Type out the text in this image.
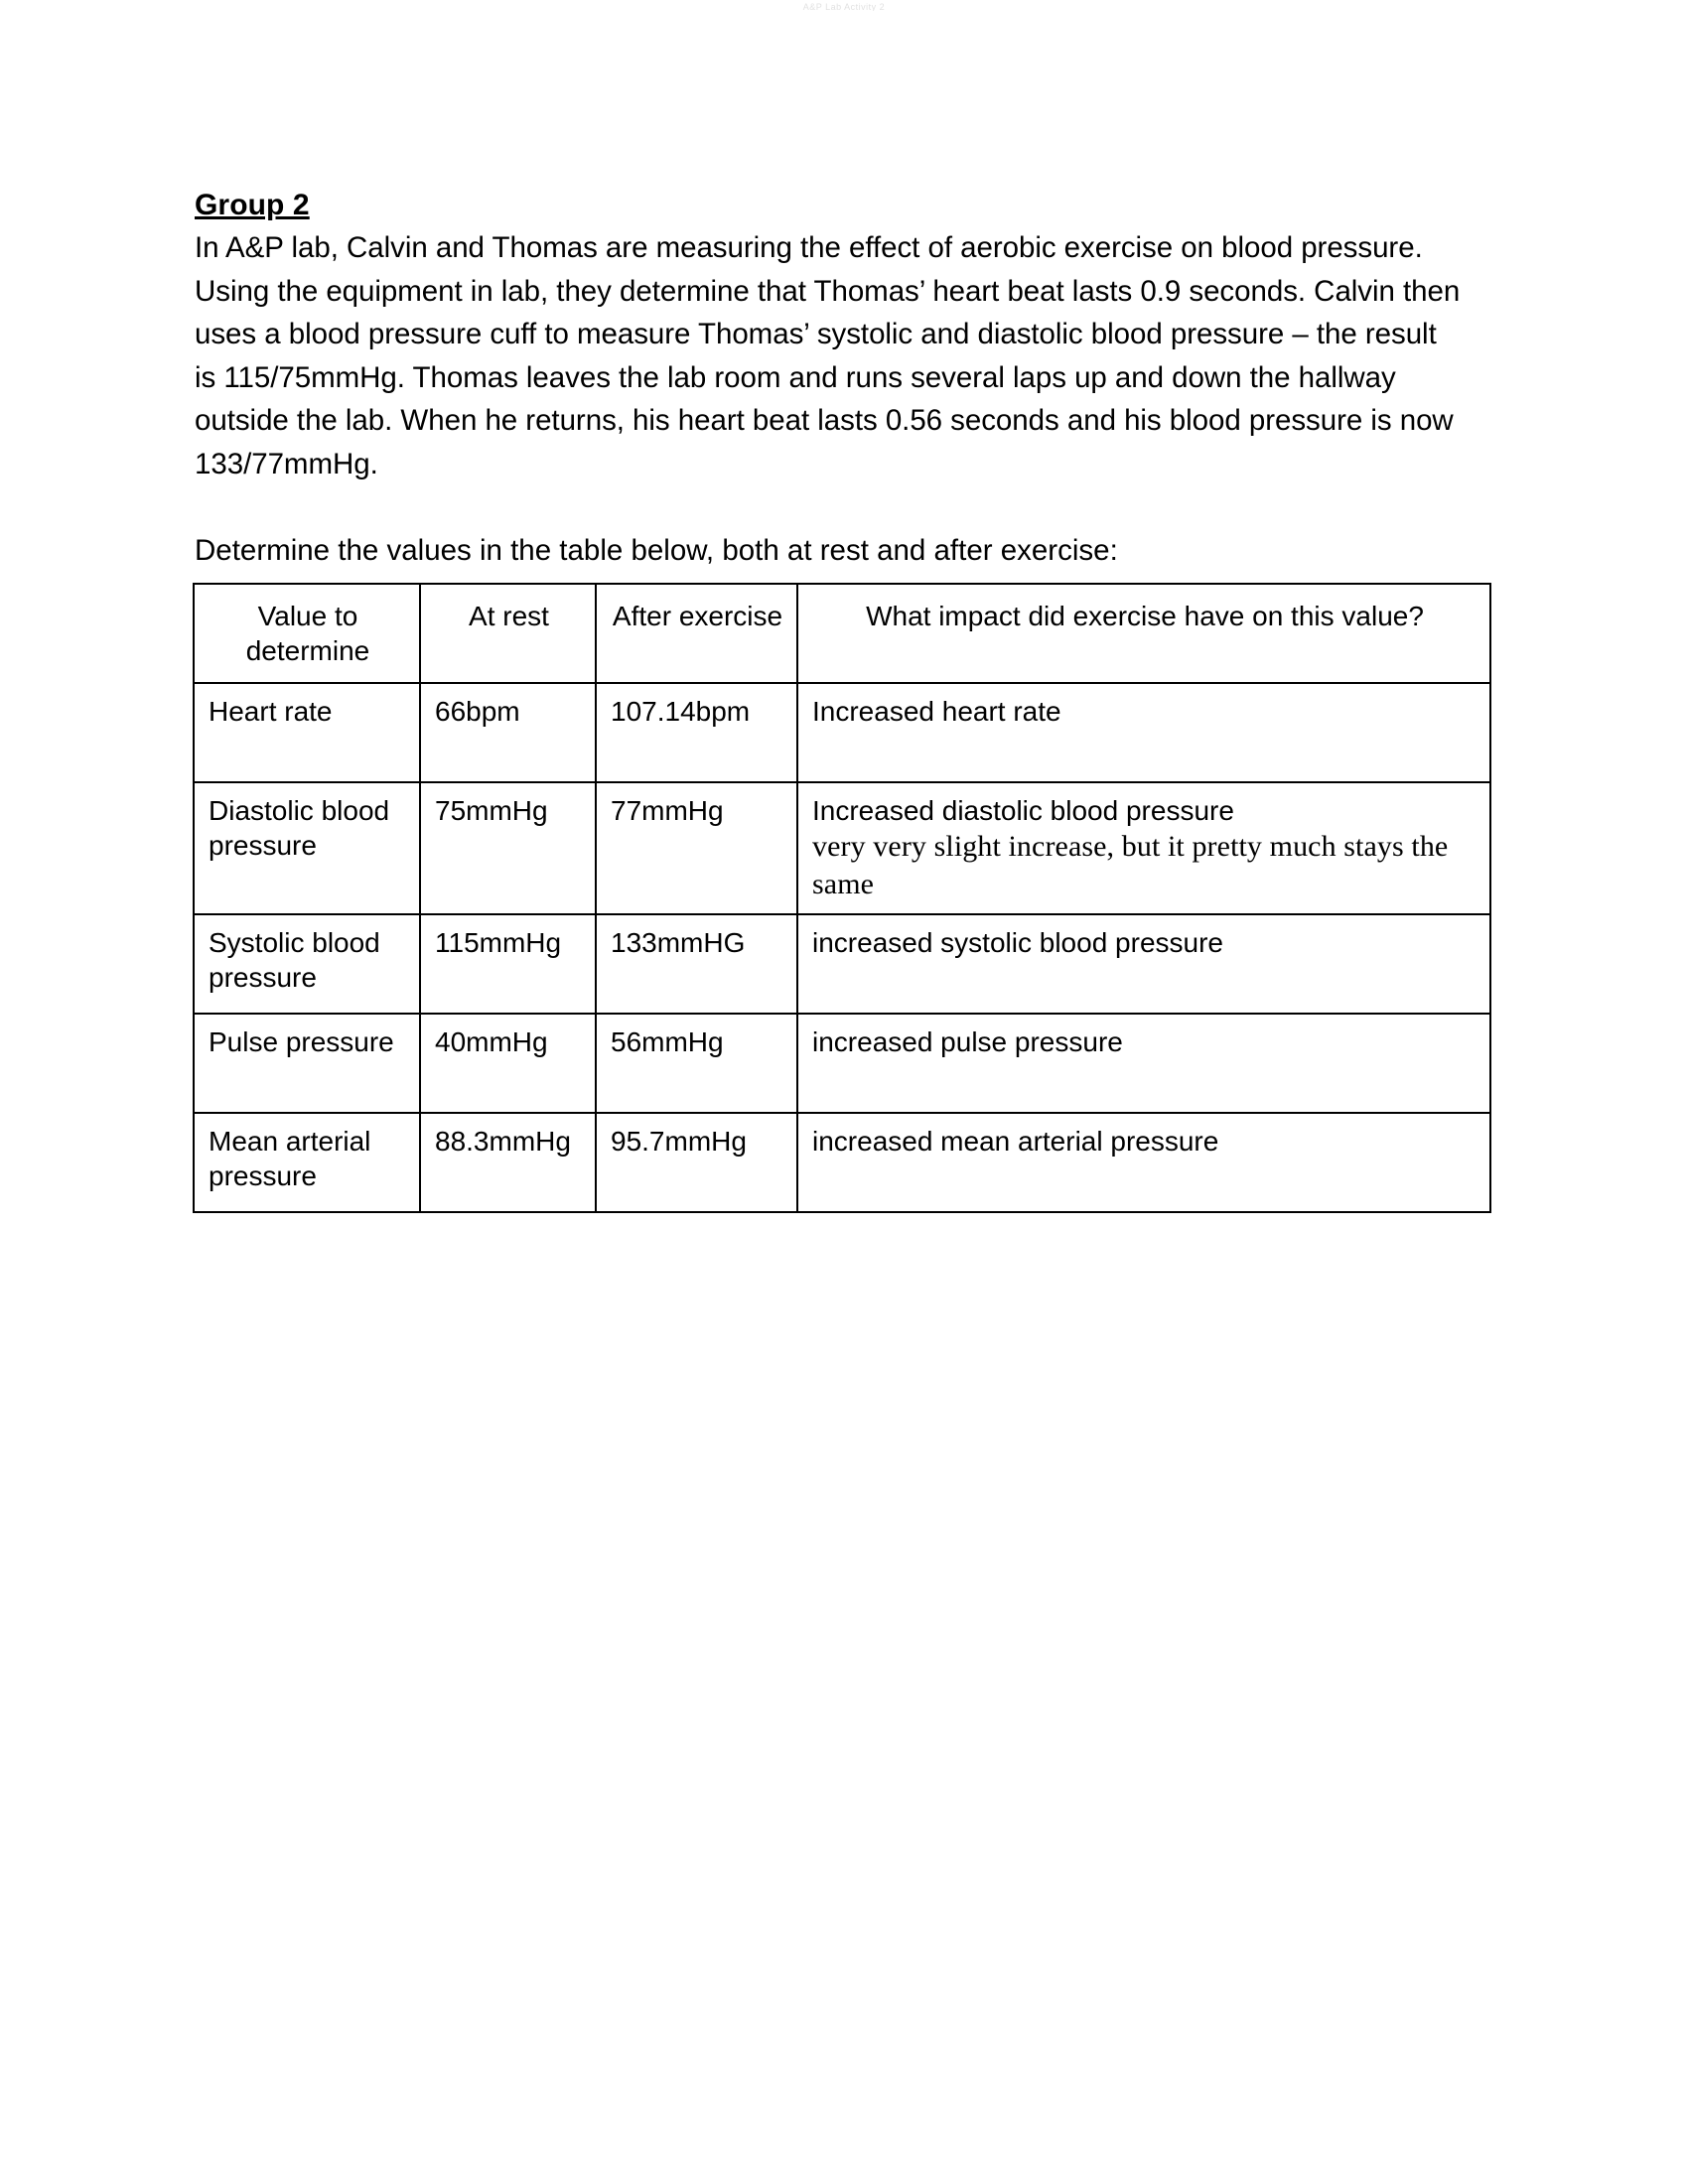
A&P Lab Activity 2
Group 2

In A&P lab, Calvin and Thomas are measuring the effect of aerobic exercise on blood pressure. Using the equipment in lab, they determine that Thomas’ heart beat lasts 0.9 seconds. Calvin then uses a blood pressure cuff to measure Thomas’ systolic and diastolic blood pressure – the result is 115/75mmHg. Thomas leaves the lab room and runs several laps up and down the hallway outside the lab. When he returns, his heart beat lasts 0.56 seconds and his blood pressure is now 133/77mmHg.

Determine the values in the table below, both at rest and after exercise:

Value to determine	At rest	After exercise	What impact did exercise have on this value?
Heart rate	66bpm	107.14bpm	Increased heart rate

Diastolic blood pressure	75mmHg	77mmHg	Increased diastolic blood pressure
very very slight increase, but it pretty much stays the same

Systolic blood pressure	115mmHg	133mmHG	increased systolic blood pressure

Pulse pressure	40mmHg	56mmHg	increased pulse pressure

Mean arterial pressure	88.3mmHg	95.7mmHg	increased mean arterial pressure
